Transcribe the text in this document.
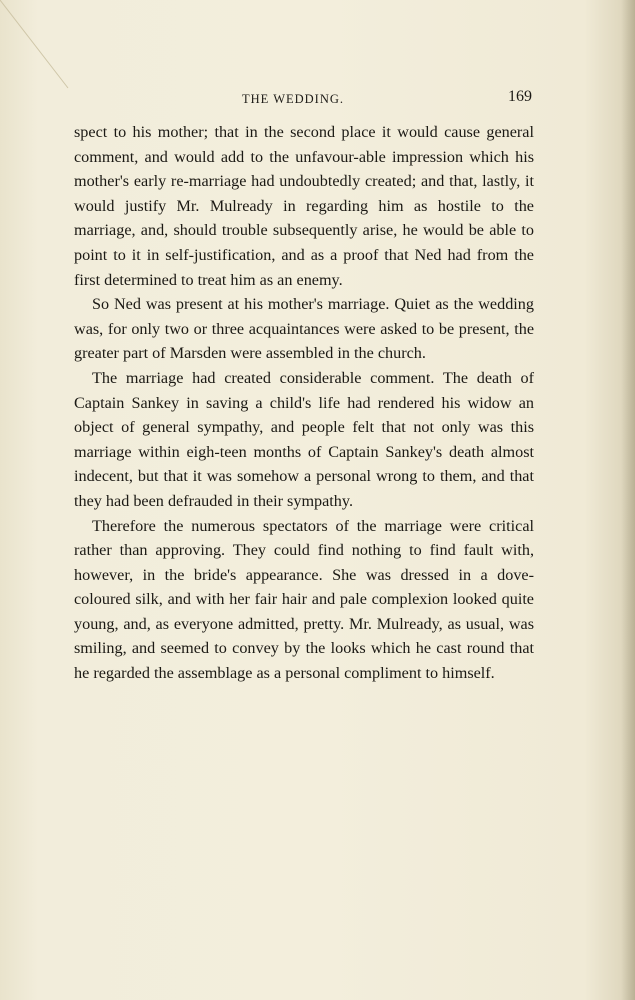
THE WEDDING.	169

spect to his mother; that in the second place it would cause general comment, and would add to the unfavour-able impression which his mother's early re-marriage had undoubtedly created; and that, lastly, it would justify Mr. Mulready in regarding him as hostile to the marriage, and, should trouble subsequently arise, he would be able to point to it in self-justification, and as a proof that Ned had from the first determined to treat him as an enemy.

So Ned was present at his mother's marriage. Quiet as the wedding was, for only two or three acquaintances were asked to be present, the greater part of Marsden were assembled in the church.

The marriage had created considerable comment. The death of Captain Sankey in saving a child's life had rendered his widow an object of general sympathy, and people felt that not only was this marriage within eigh-teen months of Captain Sankey's death almost indecent, but that it was somehow a personal wrong to them, and that they had been defrauded in their sympathy.

Therefore the numerous spectators of the marriage were critical rather than approving. They could find nothing to find fault with, however, in the bride's appearance. She was dressed in a dove-coloured silk, and with her fair hair and pale complexion looked quite young, and, as everyone admitted, pretty. Mr. Mulready, as usual, was smiling, and seemed to convey by the looks which he cast round that he regarded the assemblage as a personal compliment to himself.
